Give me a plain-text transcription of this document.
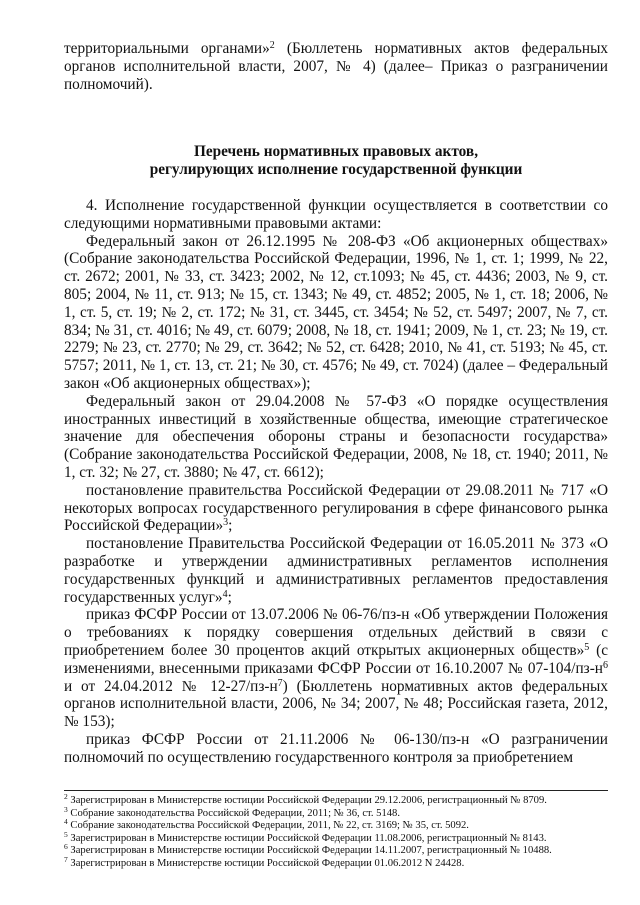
территориальными органами»$^2$ (Бюллетень нормативных актов федеральных органов исполнительной власти, 2007, № 4) (далее– Приказ о разграничении полномочий).

Перечень нормативных правовых актов,

регулирующих исполнение государственной функции

4. Исполнение государственной функции осуществляется в соответствии со следующими нормативными правовыми актами:

Федеральный закон от 26.12.1995 № 208-ФЗ «Об акционерных обществах» (Собрание законодательства Российской Федерации, 1996, № 1, ст. 1; 1999, № 22, ст. 2672; 2001, № 33, ст. 3423; 2002, № 12, ст.1093; № 45, ст. 4436; 2003, № 9, ст. 805; 2004, № 11, ст. 913; № 15, ст. 1343; № 49, ст. 4852; 2005, № 1, ст. 18; 2006, № 1, ст. 5, ст. 19; № 2, ст. 172; № 31, ст. 3445, ст. 3454; № 52, ст. 5497; 2007, № 7, ст. 834; № 31, ст. 4016; № 49, ст. 6079; 2008, № 18, ст. 1941; 2009, № 1, ст. 23; № 19, ст. 2279; № 23, ст. 2770; № 29, ст. 3642; № 52, ст. 6428; 2010, № 41, ст. 5193; № 45, ст. 5757; 2011, № 1, ст. 13, ст. 21; № 30, ст. 4576; № 49, ст. 7024) (далее – Федеральный закон «Об акционерных обществах»);

Федеральный закон от 29.04.2008 № 57-ФЗ «О порядке осуществления иностранных инвестиций в хозяйственные общества, имеющие стратегическое значение для обеспечения обороны страны и безопасности государства» (Собрание законодательства Российской Федерации, 2008, № 18, ст. 1940; 2011, № 1, ст. 32; № 27, ст. 3880; № 47, ст. 6612);

постановление правительства Российской Федерации от 29.08.2011 № 717 «О некоторых вопросах государственного регулирования в сфере финансового рынка Российской Федерации»$^3$;

постановление Правительства Российской Федерации от 16.05.2011 № 373 «О разработке и утверждении административных регламентов исполнения государственных функций и административных регламентов предоставления государственных услуг»$^4$;

приказ ФСФР России от 13.07.2006 № 06-76/пз-н «Об утверждении Положения о требованиях к порядку совершения отдельных действий в связи с приобретением более 30 процентов акций открытых акционерных обществ»$^5$ (с изменениями, внесенными приказами ФСФР России от 16.10.2007 № $07-104/пз-н^6$ и от 24.04.2012 № $12-27/пз-н^7$) (Бюллетень нормативных актов федеральных органов исполнительной власти, 2006, № 34; 2007, № 48; Российская газета, 2012, № 153);

приказ ФСФР России от 21.11.2006 № 06-130/пз-н «О разграничении полномочий по осуществлению государственного контроля за приобретением

$^2$ Зарегистрирован в Министерстве юстиции Российской Федерации 29.12.2006, регистрационный № 8709.
$^3$ Собрание законодательства Российской Федерации, 2011; № 36, ст. 5148.
$^4$ Собрание законодательства Российской Федерации, 2011, № 22, ст. 3169; № 35, ст. 5092.
$^5$ Зарегистрирован в Министерстве юстиции Российской Федерации 11.08.2006, регистрационный № 8143.
$^6$ Зарегистрирован в Министерстве юстиции Российской Федерации 14.11.2007, регистрационный № 10488.
$^7$ Зарегистрирован в Министерстве юстиции Российской Федерации 01.06.2012 N 24428.
